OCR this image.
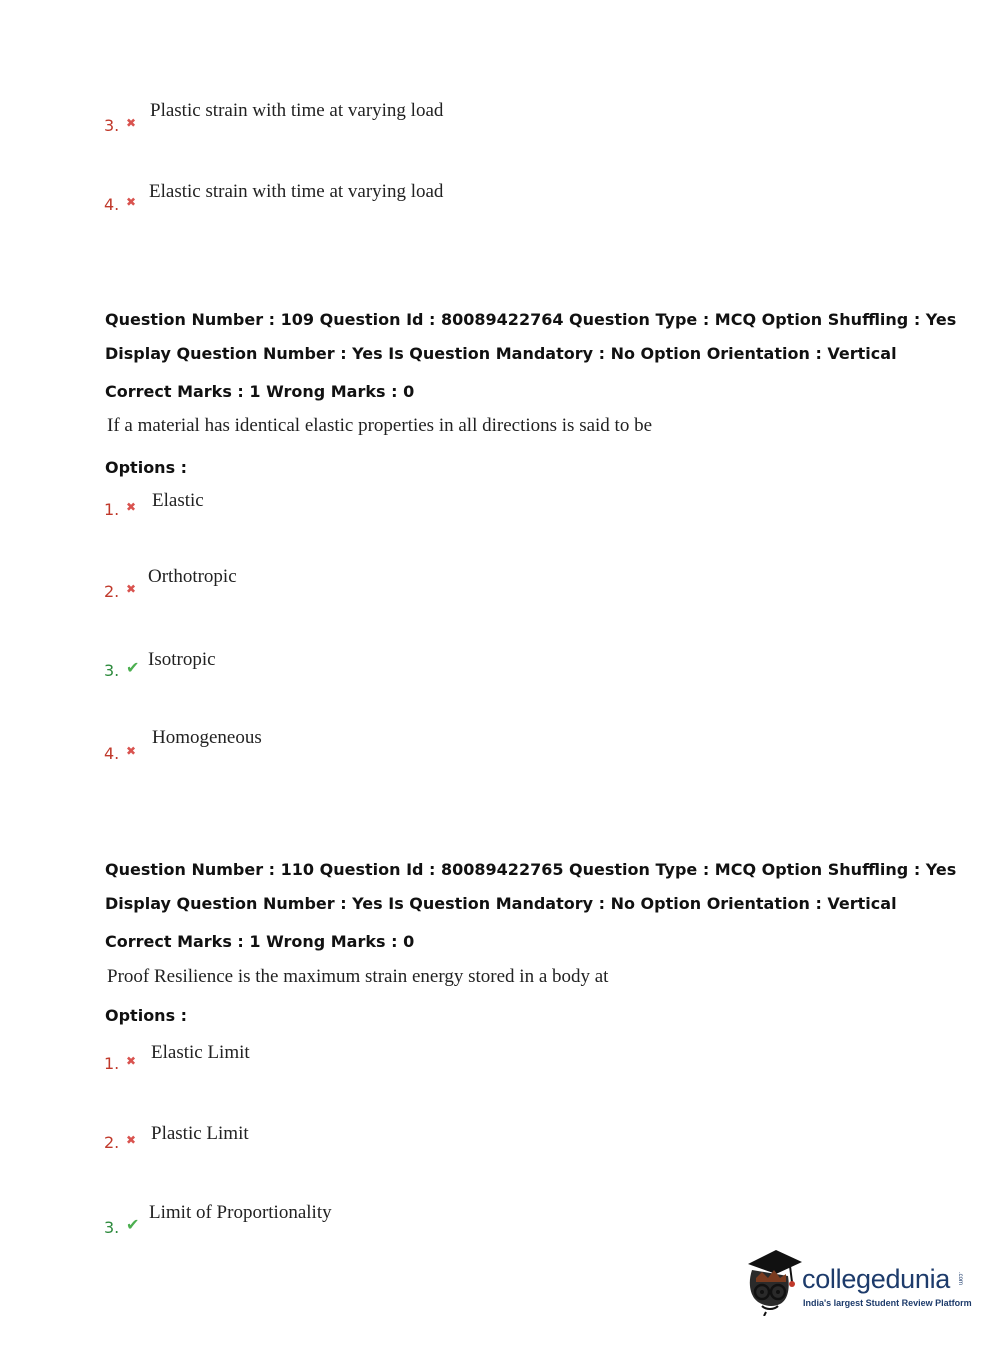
3. ✖
Plastic strain with time at varying load
4. ✖ Elastic strain with time at varying load
Question Number : 109 Question Id : 80089422764 Question Type : MCQ Option Shuffling : Yes
Display Question Number : Yes Is Question Mandatory : No Option Orientation : Vertical
Correct Marks : 1 Wrong Marks : 0
If a material has identical elastic properties in all directions is said to be
Options :
1. ✖ Elastic
2. ✖
Orthotropic
3. ✔ Isotropic
4. ✖
Homogeneous
Question Number : 110 Question Id : 80089422765 Question Type : MCQ Option Shuffling : Yes
Display Question Number : Yes Is Question Mandatory : No Option Orientation : Vertical
Correct Marks : 1 Wrong Marks : 0
Proof Resilience is the maximum strain energy stored in a body at
Options :
1. ✖ Elastic Limit
2. ✖ Plastic Limit
3. ✔
Limit of Proportionality
collegedunia .com
India's largest Student Review Platform
